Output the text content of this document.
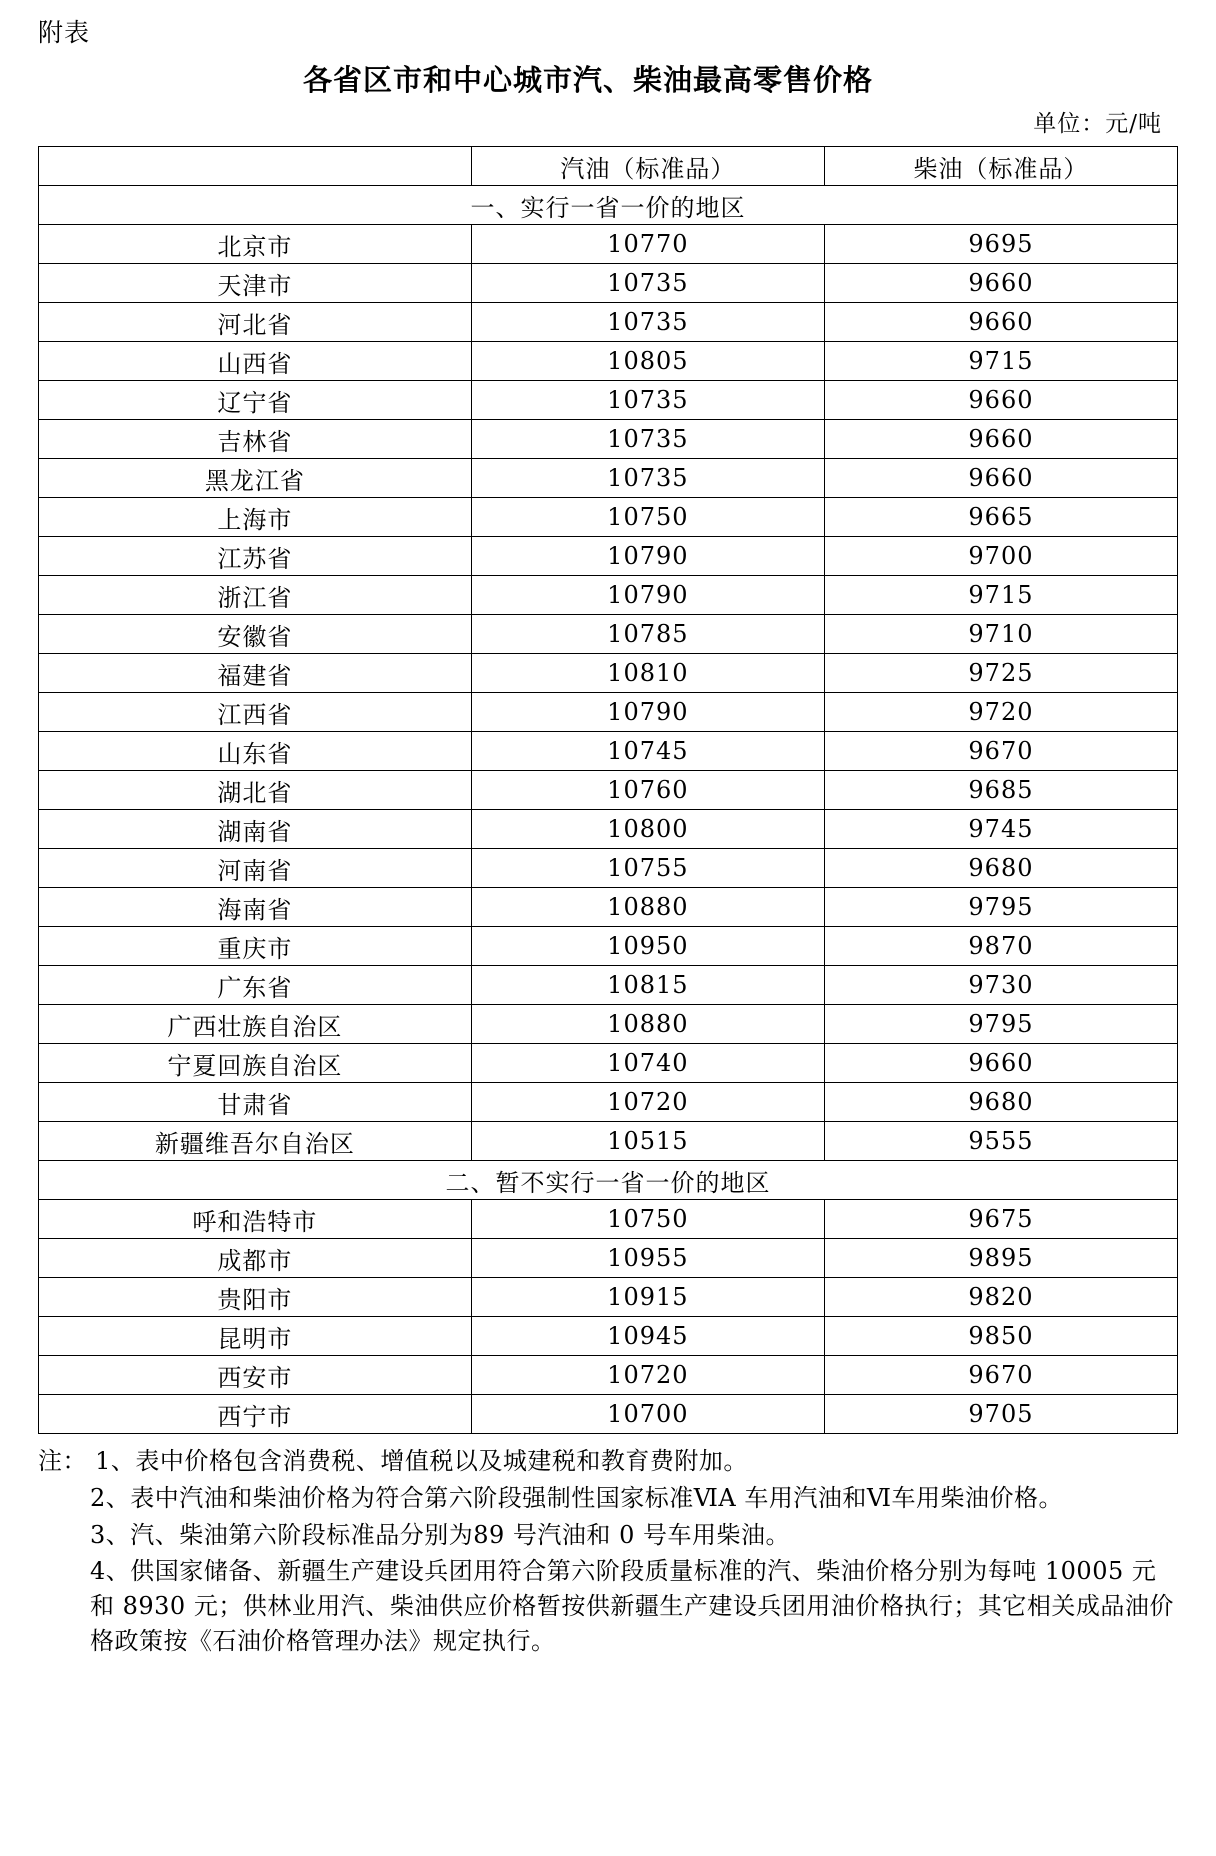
附表
各省区市和中心城市汽、柴油最高零售价格
单位：元/吨
	汽油（标准品）	柴油（标准品）
一、实行一省一价的地区		
北京市	10770	9695
天津市	10735	9660
河北省	10735	9660
山西省	10805	9715
辽宁省	10735	9660
吉林省	10735	9660
黑龙江省	10735	9660
上海市	10750	9665
江苏省	10790	9700
浙江省	10790	9715
安徽省	10785	9710
福建省	10810	9725
江西省	10790	9720
山东省	10745	9670
湖北省	10760	9685
湖南省	10800	9745
河南省	10755	9680
海南省	10880	9795
重庆市	10950	9870
广东省	10815	9730
广西壮族自治区	10880	9795
宁夏回族自治区	10740	9660
甘肃省	10720	9680
新疆维吾尔自治区	10515	9555
二、暂不实行一省一价的地区		
呼和浩特市	10750	9675
成都市	10955	9895
贵阳市	10915	9820
昆明市	10945	9850
西安市	10720	9670
西宁市	10700	9705
注： 1、表中价格包含消费税、增值税以及城建税和教育费附加。
2、表中汽油和柴油价格为符合第六阶段强制性国家标准ⅥA 车用汽油和Ⅵ车用柴油价格。
3、汽、柴油第六阶段标准品分别为89 号汽油和 0 号车用柴油。
4、供国家储备、新疆生产建设兵团用符合第六阶段质量标准的汽、柴油价格分别为每吨 10005 元和 8930 元；供林业用汽、柴油供应价格暂按供新疆生产建设兵团用油价格执行；其它相关成品油价格政策按《石油价格管理办法》规定执行。
